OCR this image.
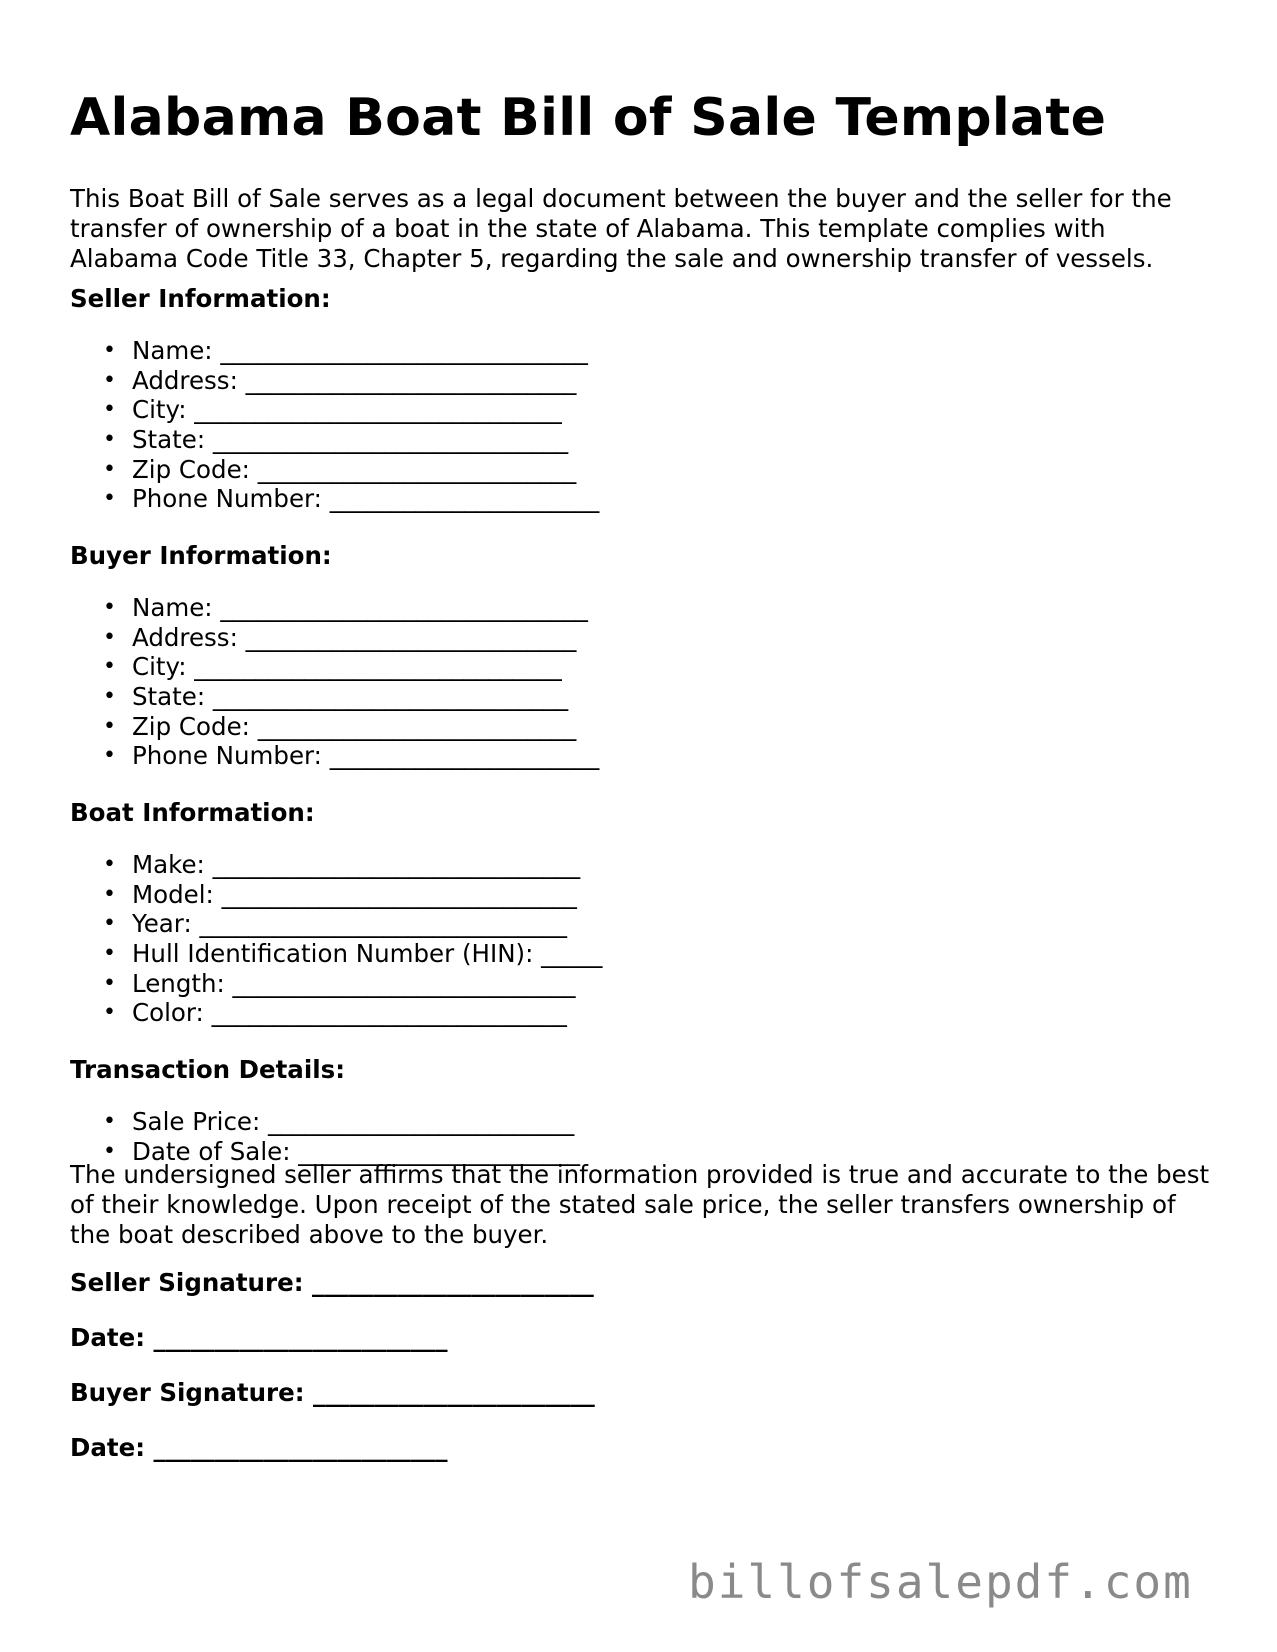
Alabama Boat Bill of Sale Template

This Boat Bill of Sale serves as a legal document between the buyer and the seller for the transfer of ownership of a boat in the state of Alabama. This template complies with Alabama Code Title 33, Chapter 5, regarding the sale and ownership transfer of vessels.

Seller Information:
• Name: ______________________________
• Address: ___________________________
• City: ______________________________
• State: _____________________________
• Zip Code: __________________________
• Phone Number: ______________________
Buyer Information:
• Name: ______________________________
• Address: ___________________________
• City: ______________________________
• State: _____________________________
• Zip Code: __________________________
• Phone Number: ______________________
Boat Information:
• Make: ______________________________
• Model: _____________________________
• Year: ______________________________
• Hull Identification Number (HIN): _____
• Length: ____________________________
• Color: _____________________________
Transaction Details:
• Sale Price: _________________________
• Date of Sale: _______________________

The undersigned seller affirms that the information provided is true and accurate to the best of their knowledge. Upon receipt of the stated sale price, the seller transfers ownership of the boat described above to the buyer.

Seller Signature: _______________________
Date: ________________________
Buyer Signature: _______________________
Date: ________________________
billofsalepdf.com
